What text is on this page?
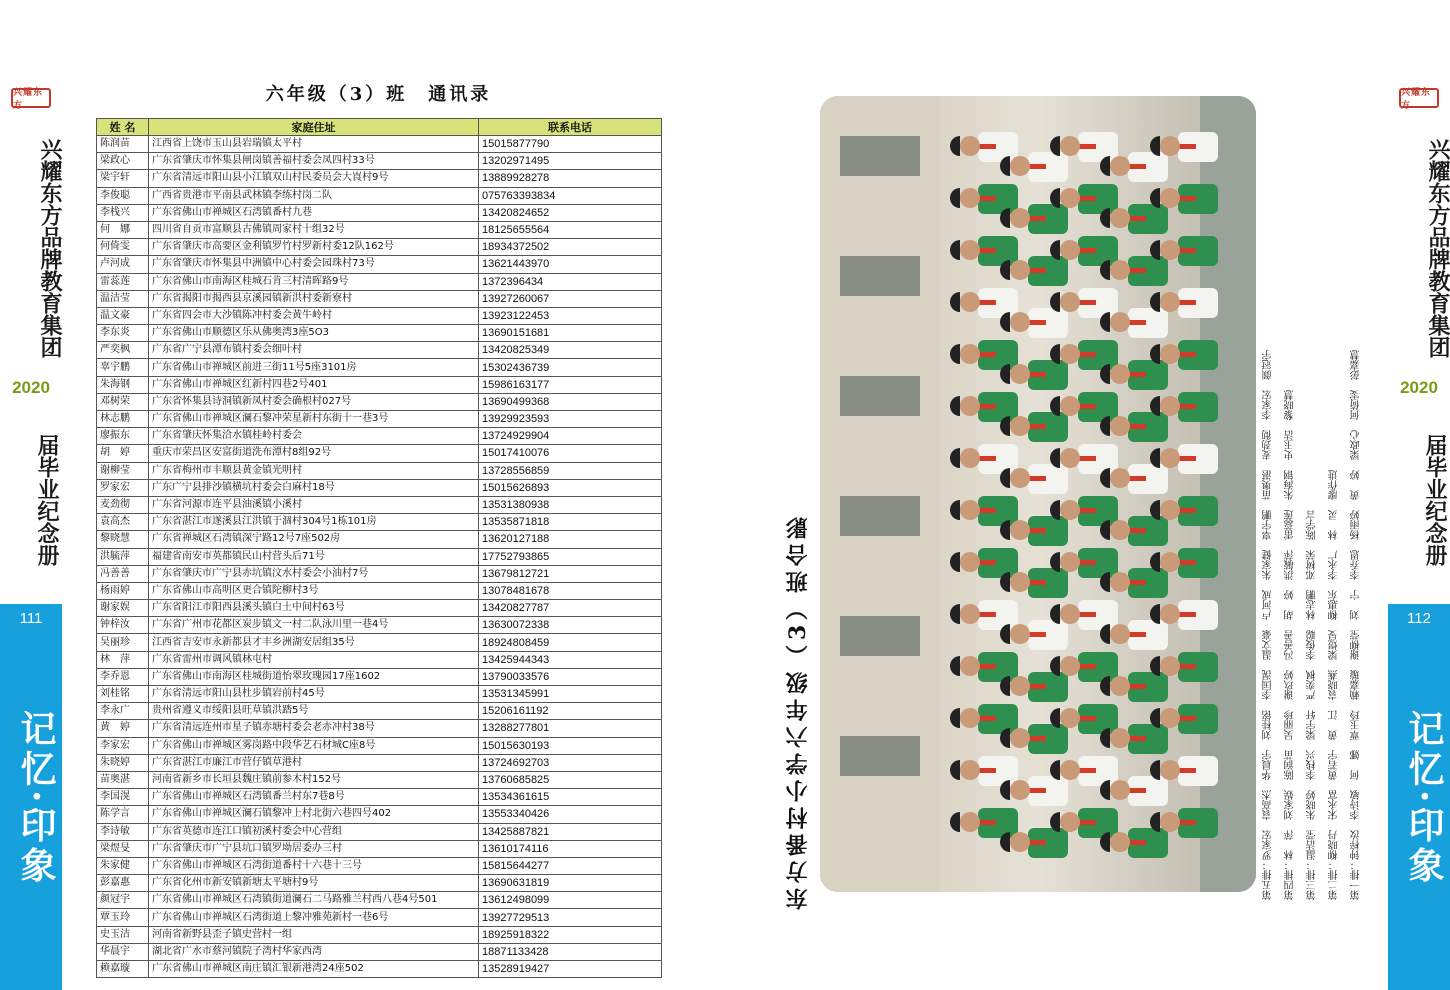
兴耀东方
兴耀东方品牌教育集团
2020
届毕业纪念册
111
记忆·印象
兴耀东方
兴耀东方品牌教育集团
2020
届毕业纪念册
112
记忆·印象
六年级（3）班　通讯录
姓 名	家庭住址	联系电话
陈润苗	江西省上饶市玉山县岩瑞镇太平村	15015877790
梁政心	广东省肇庆市怀集县闸岗镇善福村委会凤四村33号	13202971495
梁宇轩	广东省清远市阳山县小江镇双山村民委员会大崀村9号	13889928278
李俊聪	广西省贵港市平南县武林镇李练村岗二队	075763393834
李栈兴	广东省佛山市禅城区石湾镇番村九巷	13420824652
何　娜	四川省自贡市富顺县古佛镇周家村十组32号	18125655564
何倚雯	广东省肇庆市高要区金利镇罗竹村罗新村委12队162号	18934372502
卢河成	广东省肇庆市怀集县中洲镇中心村委会园珠村73号	13621443970
雷蕊莲	广东省佛山市南海区桂城石肯三村清晖路9号	13723964​34
温洁莹	广东省揭阳市揭西县京溪园镇新洪村委新寮村	13927260067
温文豪	广东省四会市大沙镇陈冲村委会黄牛岭村	13923122453
李东炎	广东省佛山市顺德区乐从佛奥湾3座5O3	13690151681
严奕枫	广东省广宁县潭布镇村委会细叶村	13420825349
辜宇鹏	广东省佛山市禅城区前进三街11号5座3101房	15302436739
朱海钢	广东省佛山市禅城区红新村四巷2号401	15986163177
邓树荣	广东省怀集县诗洞镇新凤村委会确根村027号	13690499368
林志鹏	广东省佛山市禅城区澜石黎冲荣星新村东街十一巷3号	13929923593
廖振东	广东省肇庆怀集洽水镇桂岭村委会	13724929904
胡　婷	重庆市荣昌区安富街道洗布潭村8组92号	15017410076
谢柳莹	广东省梅州市丰顺县黄金镇光明村	13728556859
罗家宏	广东广宁县排沙镇横坑村委会白麻村18号	15015626893
麦劲彻	广东省河源市连平县油溪镇小溪村	13531380938
袁高杰	广东省湛江市遂溪县江洪镇于涸村304号1栋101房	13535871818
黎晓慧	广东省禅城区石湾镇深宁路12号7座502房	13620127188
洪毓萍	福建省南安市英都镇民山村营头后71号	17752793865
冯善善	广东省肇庆市广宁县赤坑镇汶水村委会小油村7号	13679812721
杨雨婷	广东省佛山市高明区更合镇陀柳村3号	13078481678
谢家娱	广东省阳江市阳西县溪头镇白土中间村63号	13420827787
钟梓汝	广东省广州市花都区炭步镇文一村二队泳川里一巷4号	13630072338
吴丽珍	江西省吉安市永新都县才丰乡洲湖安居组35号	18924808459
林　萍	广东省雷州市调风镇林屯村	13425944343
李乔恩	广东省佛山市南海区桂城街道怡翠玫瑰园17座1602	13790033576
刘桂铭	广东省清远市阳山县杜步镇岩前村45号	13531345991
李永广	贵州省遵义市绥阳县旺草镇洪踏5号	15206161192
黄　婷	广东省清远连州市星子镇赤塘村委会老赤冲村38号	13288277801
李家宏	广东省佛山市禅城区雾岗路中段华艺石材城C座8号	15015630193
朱晓婷	广东省湛江市廉江市营仔镇草港村	13724692703
苗奥湛	河南省新乡市长垣县魏庄镇前参木村152号	13760685825
李国滉	广东省佛山市禅城区石湾镇番兰村东7巷8号	13534361615
陈学言	广东省佛山市禅城区澜石镇黎冲上村北街六巷四号402	13553340426
李诗敏	广东省英德市连江口镇初溪村委会中心营组	13425887821
梁煜旻	广东省肇庆市广宁县坑口镇罗坳居委办三村	13610174116
朱家健	广东省佛山市禅城区石湾街道番村十六巷十三号	15815644277
彭嘉惠	广东省化州市新安镇新塘太平塘村9号	13690631819
颜冠宇	广东省佛山市禅城区石湾镇街道澜石二马路雅兰村西八巷4号501	13612498099
覃玉玲	广东省佛山市禅城区石湾街道上黎冲雅苑新村一巷6号	13927729513
史玉洁	河南省新野县歪子镇史营村一组	18925918322
华晨宇	湖北省广水市蔡河镇院子湾村华家西湾	18871133428
赖嘉璇	广东省佛山市禅城区南庄镇汇银新港湾24座502	13528919427
东方番村小学六年级（3）班合影	第五排：罗家宏　袁高杰　华晨宇　刘桂铭　李国滉　温文豪　卢河成　朱家健　辜宇鹏　苗奥湛　麦劲彻　李家宏　颜冠宇 第四排：林　萍　刘家娱　陈润苗　吴丽珍　谢玖婷　冯善善　胡　婷　洪毓萍　雷蕊莲　朱海钢　史玉洁　黎晓慧 第三排：温洁莹　朱晓婷　李栈兴　梁宇轩　严奕枫　李俊聪　林志鹏　邓树荣　陈学言 第二排：柳晓丹　宋永富　黄若宇　黄　江　袁晓燕　梁煜旻　柳惠东　李永广　林　灵　廖作进 第一排：钟梓汝　李诗敏　何　娜　覃玉玲　赖嘉璇　谢柳莹　刘　宁　李乔恩　杨雨婷　黄　婷　梁政心　何倚雯　彭嘉慧
